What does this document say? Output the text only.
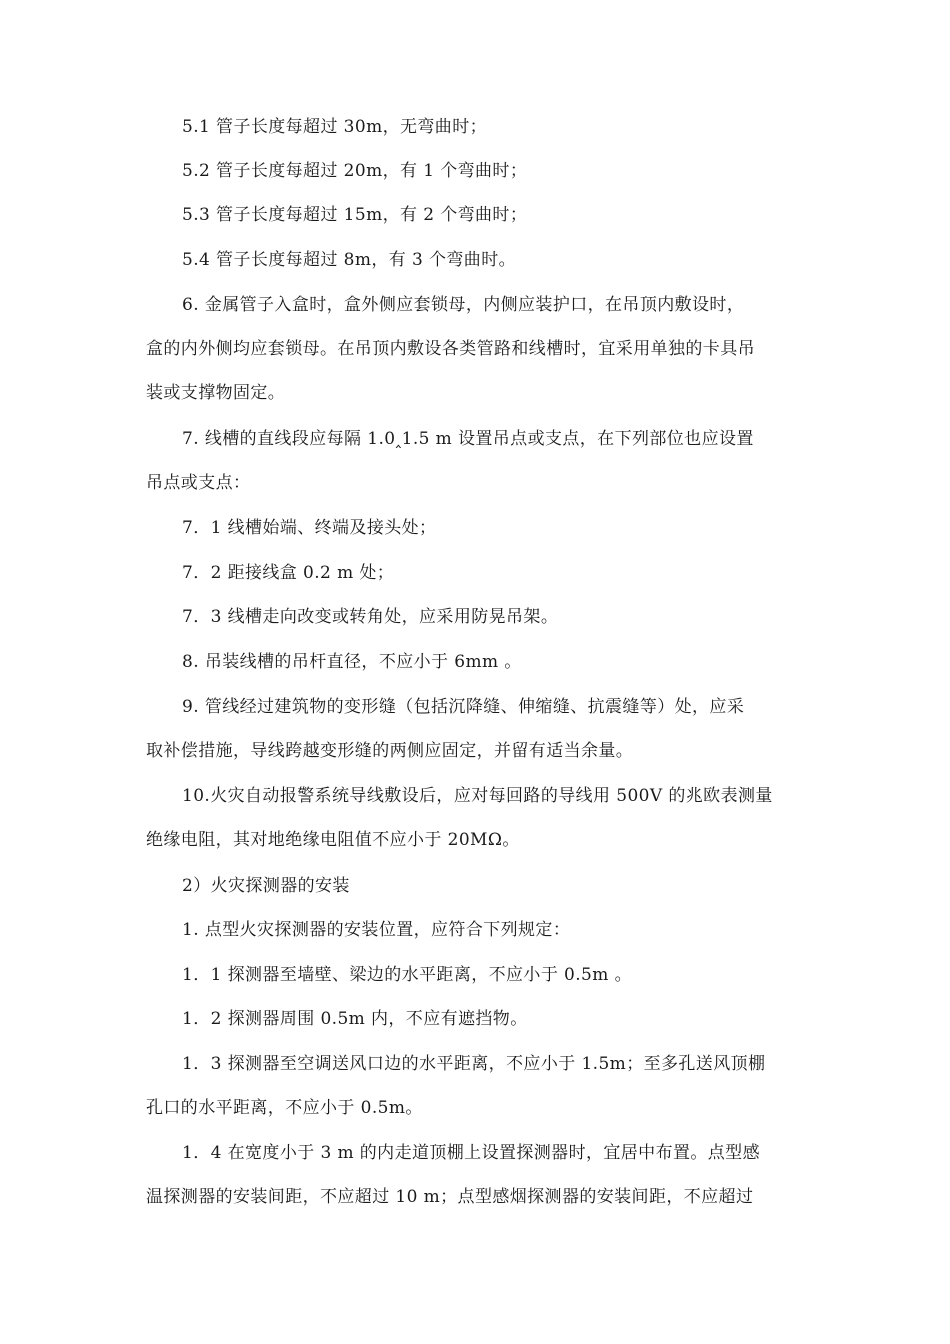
5.1 管子长度每超过 30m，无弯曲时；
5.2 管子长度每超过 20m，有 1 个弯曲时；
5.3 管子长度每超过 15m，有 2 个弯曲时；
5.4 管子长度每超过 8m，有 3 个弯曲时。
6. 金属管子入盒时，盒外侧应套锁母，内侧应装护口，在吊顶内敷设时，
盒的内外侧均应套锁母。在吊顶内敷设各类管路和线槽时，宜采用单独的卡具吊
装或支撑物固定。
7. 线槽的直线段应每隔 1.0‸1.5 m 设置吊点或支点，在下列部位也应设置
吊点或支点：
7．1 线槽始端、终端及接头处；
7．2 距接线盒 0.2 m 处；
7．3 线槽走向改变或转角处，应采用防晃吊架。
8. 吊装线槽的吊杆直径，不应小于 6mm 。
9. 管线经过建筑物的变形缝（包括沉降缝、伸缩缝、抗震缝等）处，应采
取补偿措施，导线跨越变形缝的两侧应固定，并留有适当余量。
10.火灾自动报警系统导线敷设后，应对每回路的导线用 500V 的兆欧表测量
绝缘电阻，其对地绝缘电阻值不应小于 20MΩ。
2）火灾探测器的安装
1. 点型火灾探测器的安装位置，应符合下列规定：
1．1 探测器至墙壁、梁边的水平距离，不应小于 0.5m 。
1．2 探测器周围 0.5m 内，不应有遮挡物。
1．3 探测器至空调送风口边的水平距离，不应小于 1.5m；至多孔送风顶棚
孔口的水平距离，不应小于 0.5m。
1．4 在宽度小于 3 m 的内走道顶棚上设置探测器时，宜居中布置。点型感
温探测器的安装间距，不应超过 10 m；点型感烟探测器的安装间距，不应超过
